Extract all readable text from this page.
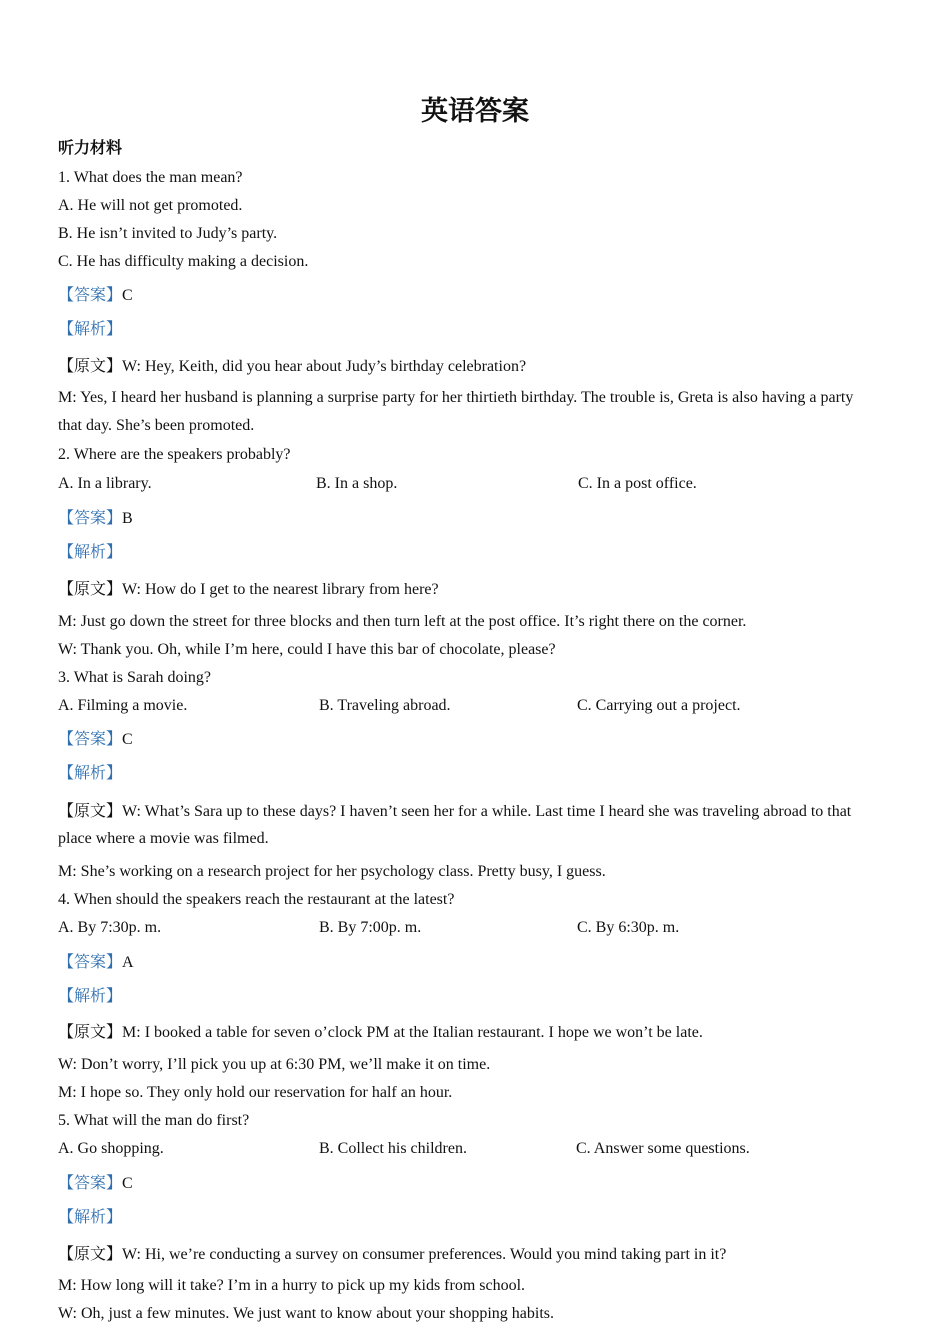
英语答案
听力材料
1. What does the man mean?
A. He will not get promoted.
B. He isn’t invited to Judy’s party.
C. He has difficulty making a decision.
【答案】C
【解析】
【原文】W: Hey, Keith, did you hear about Judy’s birthday celebration?
M: Yes, I heard her husband is planning a surprise party for her thirtieth birthday. The trouble is, Greta is also having a party that day. She’s been promoted.
2. Where are the speakers probably?
A. In a library.	B. In a shop.	C. In a post office.
【答案】B
【解析】
【原文】W: How do I get to the nearest library from here?
M: Just go down the street for three blocks and then turn left at the post office. It’s right there on the corner.
W: Thank you. Oh, while I’m here, could I have this bar of chocolate, please?
3. What is Sarah doing?
A. Filming a movie.	B. Traveling abroad.	C. Carrying out a project.
【答案】C
【解析】
【原文】W: What’s Sara up to these days? I haven’t seen her for a while. Last time I heard she was traveling abroad to that place where a movie was filmed.
M: She’s working on a research project for her psychology class. Pretty busy, I guess.
4. When should the speakers reach the restaurant at the latest?
A. By 7:30p. m.	B. By 7:00p. m.	C. By 6:30p. m.
【答案】A
【解析】
【原文】M: I booked a table for seven o’clock PM at the Italian restaurant. I hope we won’t be late.
W: Don’t worry, I’ll pick you up at 6:30 PM, we’ll make it on time.
M: I hope so. They only hold our reservation for half an hour.
5. What will the man do first?
A. Go shopping.	B. Collect his children.	C. Answer some questions.
【答案】C
【解析】
【原文】W: Hi, we’re conducting a survey on consumer preferences. Would you mind taking part in it?
M: How long will it take? I’m in a hurry to pick up my kids from school.
W: Oh, just a few minutes. We just want to know about your shopping habits.
